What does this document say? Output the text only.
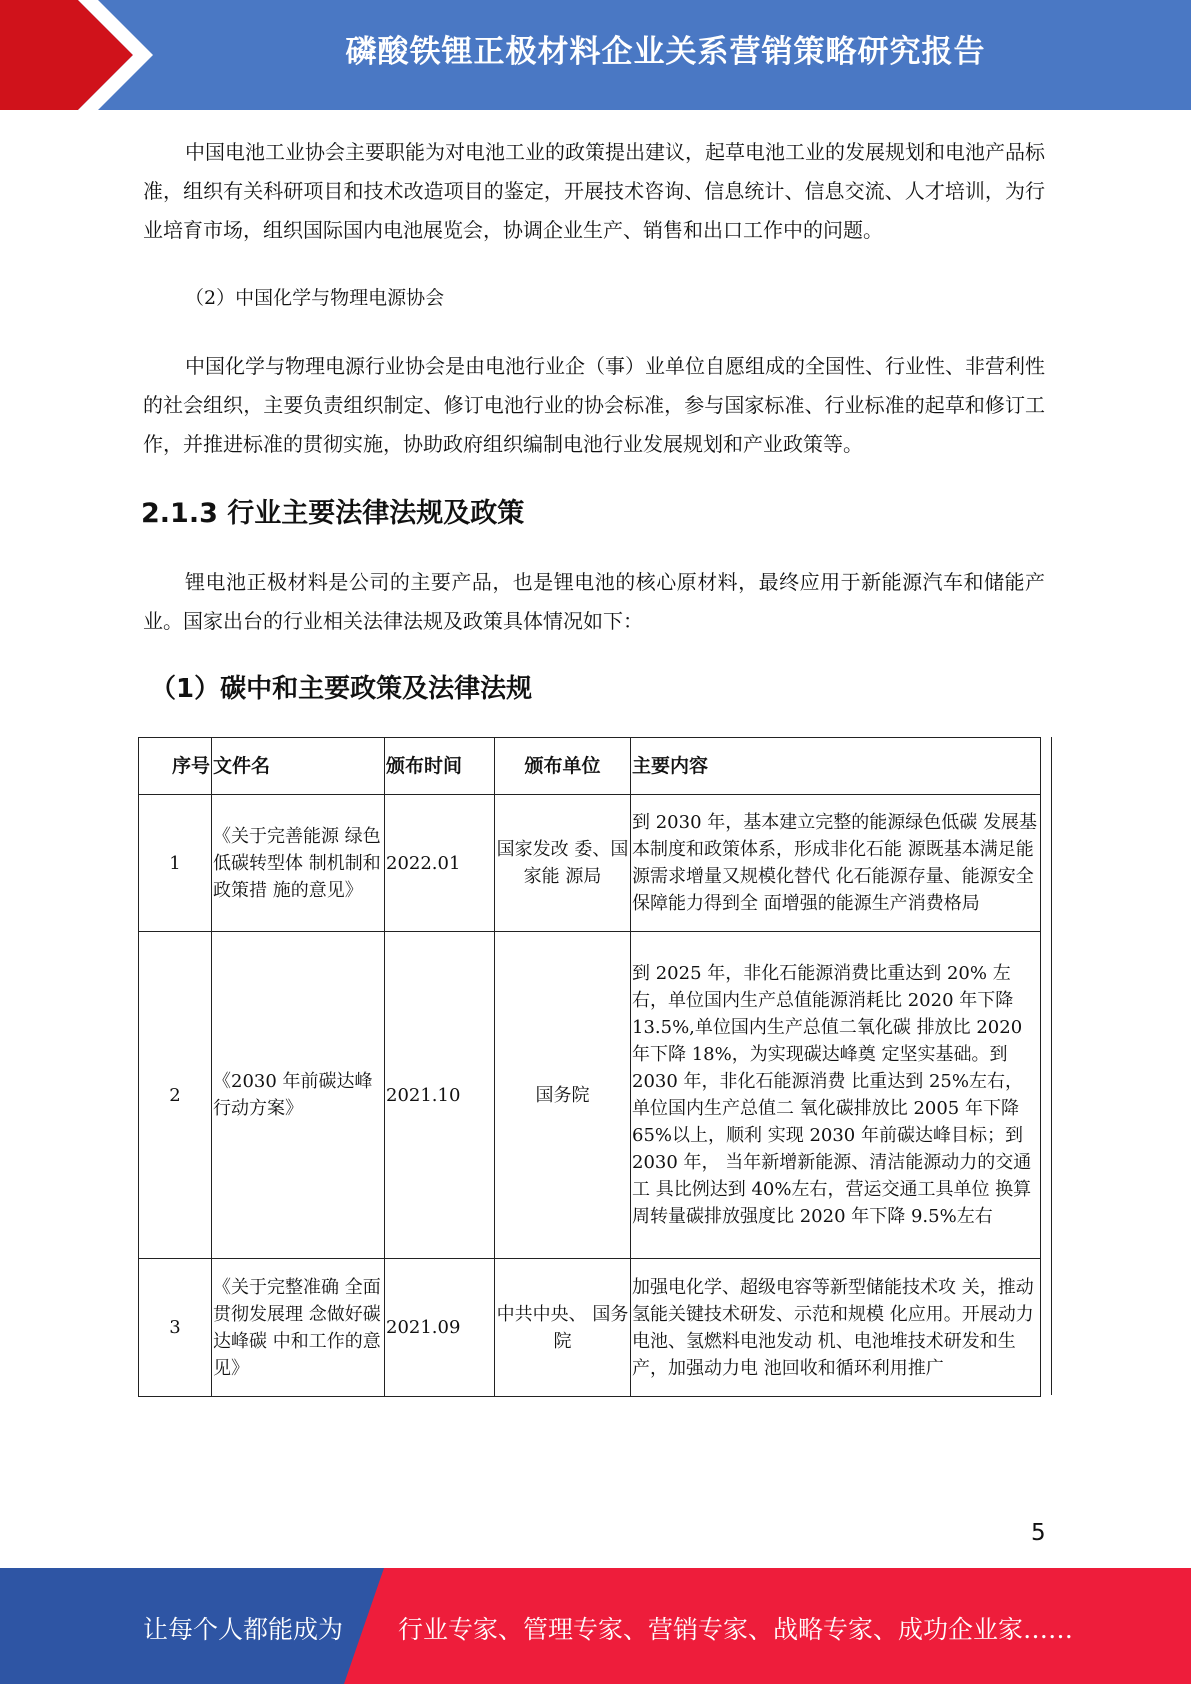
磷酸铁锂正极材料企业关系营销策略研究报告

中国电池工业协会主要职能为对电池工业的政策提出建议，起草电池工业的发展规划和电池产品标准，组织有关科研项目和技术改造项目的鉴定，开展技术咨询、信息统计、信息交流、人才培训，为行业培育市场，组织国际国内电池展览会，协调企业生产、销售和出口工作中的问题。

（2）中国化学与物理电源协会

中国化学与物理电源行业协会是由电池行业企（事）业单位自愿组成的全国性、行业性、非营利性的社会组织，主要负责组织制定、修订电池行业的协会标准，参与国家标准、行业标准的起草和修订工作，并推进标准的贯彻实施，协助政府组织编制电池行业发展规划和产业政策等。

2.1.3 行业主要法律法规及政策

锂电池正极材料是公司的主要产品，也是锂电池的核心原材料，最终应用于新能源汽车和储能产业。国家出台的行业相关法律法规及政策具体情况如下：

（1）碳中和主要政策及法律法规
序号	文件名	颁布时间	颁布单位	主要内容
1	《关于完善能源 绿色低碳转型体 制机制和政策措 施的意见》	2022.01	国家发改 委、国家能 源局	到 2030 年，基本建立完整的能源绿色低碳 发展基本制度和政策体系，形成非化石能 源既基本满足能源需求增量又规模化替代 化石能源存量、能源安全保障能力得到全 面增强的能源生产消费格局
2	《2030 年前碳达峰行动方案》	2021.10	国务院	到 2025 年，非化石能源消费比重达到 20% 左右，单位国内生产总值能源消耗比 2020 年下降 13.5%,单位国内生产总值二氧化碳 排放比 2020 年下降 18%，为实现碳达峰奠 定坚实基础。到 2030 年，非化石能源消费 比重达到 25%左右，单位国内生产总值二 氧化碳排放比 2005 年下降 65%以上，顺利 实现 2030 年前碳达峰目标；到 2030 年， 当年新增新能源、清洁能源动力的交通工 具比例达到 40%左右，营运交通工具单位 换算周转量碳排放强度比 2020 年下降 9.5%左右
3	《关于完整准确 全面贯彻发展理 念做好碳达峰碳 中和工作的意 见》	2021.09	中共中央、 国务院	加强电化学、超级电容等新型储能技术攻 关，推动氢能关键技术研发、示范和规模 化应用。开展动力电池、氢燃料电池发动 机、电池堆技术研发和生产，加强动力电 池回收和循环利用推广
5
让每个人都能成为 行业专家、管理专家、营销专家、战略专家、成功企业家……
